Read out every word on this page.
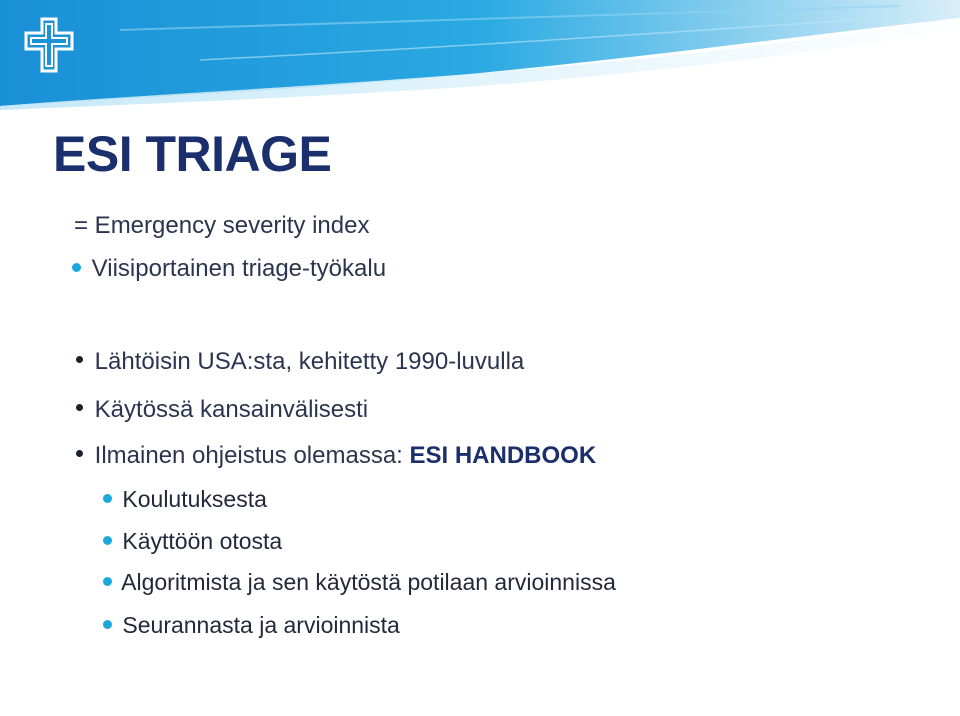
ESI TRIAGE
= Emergency severity index
Viisiportainen triage-työkalu
Lähtöisin USA:sta, kehitetty 1990-luvulla
Käytössä kansainvälisesti
Ilmainen ohjeistus olemassa: ESI HANDBOOK
Koulutuksesta
Käyttöön otosta
Algoritmista ja sen käytöstä potilaan arvioinnissa
Seurannasta ja arvioinnista
